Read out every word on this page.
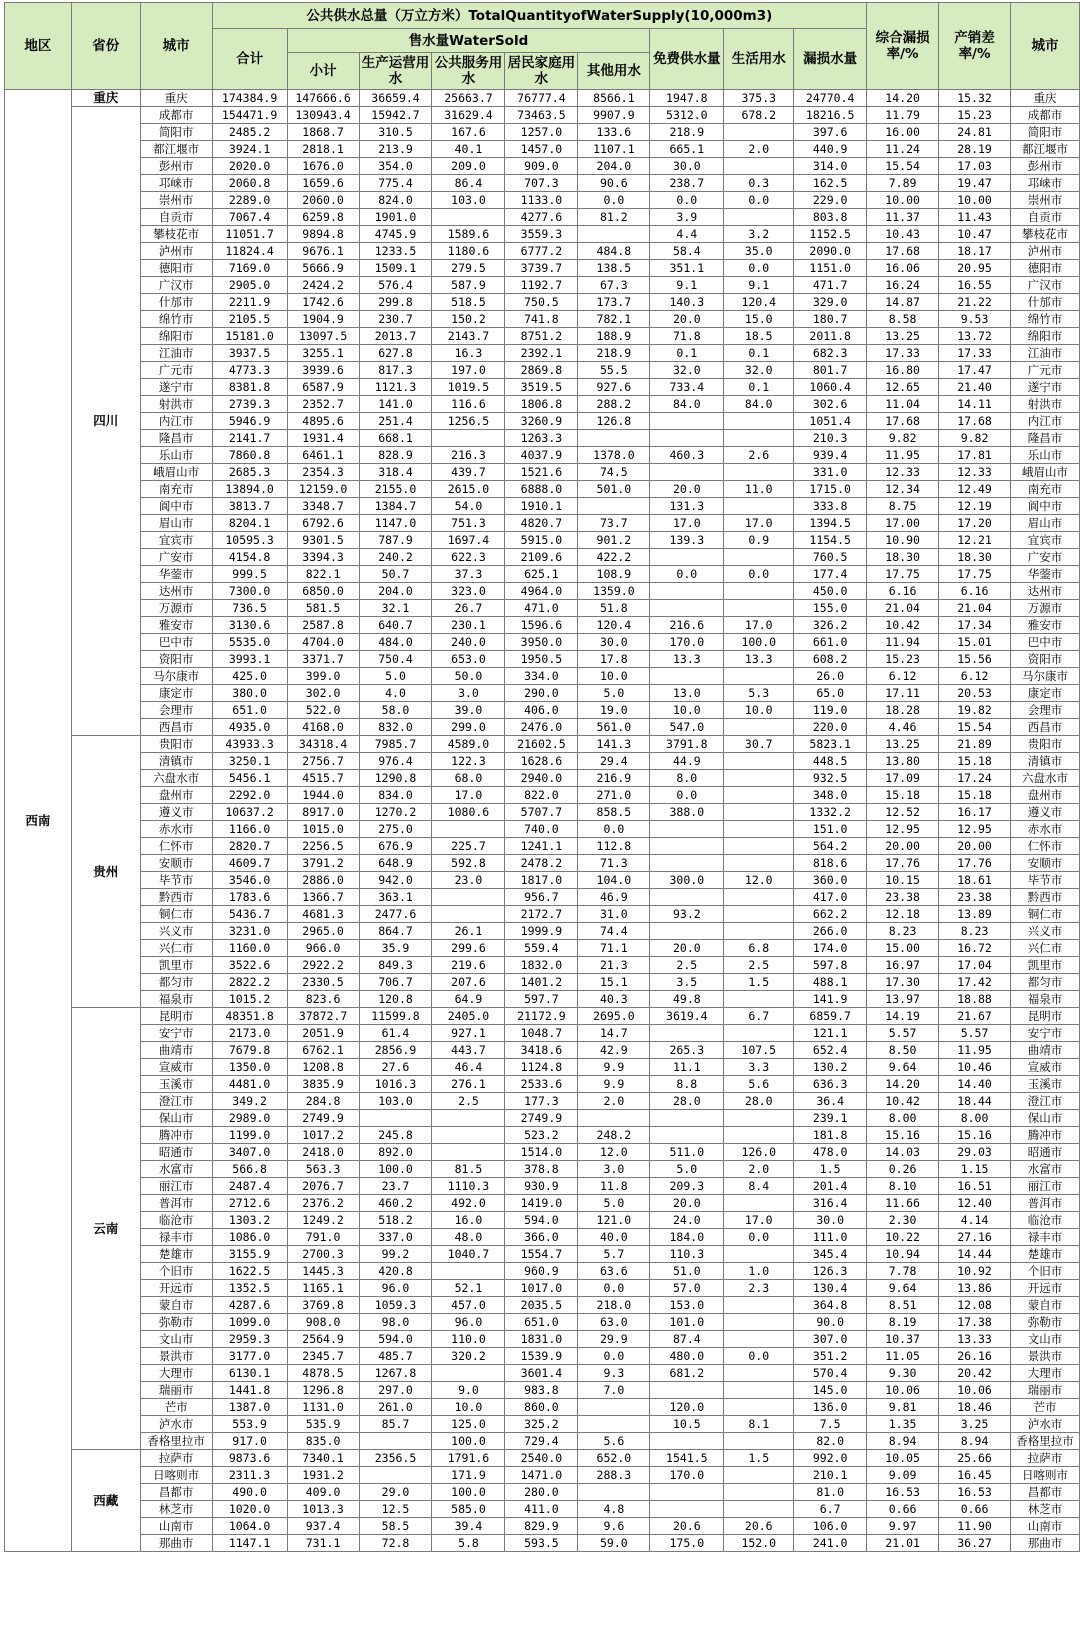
地区	省份	城市	公共供水总量（万立方米）TotalQuantityofWaterSupply(10,000m3)									综合漏损率/%	产销差率/%	城市
			合计	售水量WaterSold					免费供水量	生活用水	漏损水量			
				小计	生产运营用水	公共服务用水	居民家庭用水	其他用水						
西南	重庆	重庆	174384.9	147666.6	36659.4	25663.7	76777.4	8566.1	1947.8	375.3	24770.4	14.20	15.32	重庆
	四川	成都市	154471.9	130943.4	15942.7	31629.4	73463.5	9907.9	5312.0	678.2	18216.5	11.79	15.23	成都市
		简阳市	2485.2	1868.7	310.5	167.6	1257.0	133.6	218.9		397.6	16.00	24.81	简阳市
		都江堰市	3924.1	2818.1	213.9	40.1	1457.0	1107.1	665.1	2.0	440.9	11.24	28.19	都江堰市
		彭州市	2020.0	1676.0	354.0	209.0	909.0	204.0	30.0		314.0	15.54	17.03	彭州市
		邛崃市	2060.8	1659.6	775.4	86.4	707.3	90.6	238.7	0.3	162.5	7.89	19.47	邛崃市
		崇州市	2289.0	2060.0	824.0	103.0	1133.0	0.0	0.0	0.0	229.0	10.00	10.00	崇州市
		自贡市	7067.4	6259.8	1901.0		4277.6	81.2	3.9		803.8	11.37	11.43	自贡市
		攀枝花市	11051.7	9894.8	4745.9	1589.6	3559.3		4.4	3.2	1152.5	10.43	10.47	攀枝花市
		泸州市	11824.4	9676.1	1233.5	1180.6	6777.2	484.8	58.4	35.0	2090.0	17.68	18.17	泸州市
		德阳市	7169.0	5666.9	1509.1	279.5	3739.7	138.5	351.1	0.0	1151.0	16.06	20.95	德阳市
		广汉市	2905.0	2424.2	576.4	587.9	1192.7	67.3	9.1	9.1	471.7	16.24	16.55	广汉市
		什邡市	2211.9	1742.6	299.8	518.5	750.5	173.7	140.3	120.4	329.0	14.87	21.22	什邡市
		绵竹市	2105.5	1904.9	230.7	150.2	741.8	782.1	20.0	15.0	180.7	8.58	9.53	绵竹市
		绵阳市	15181.0	13097.5	2013.7	2143.7	8751.2	188.9	71.8	18.5	2011.8	13.25	13.72	绵阳市
		江油市	3937.5	3255.1	627.8	16.3	2392.1	218.9	0.1	0.1	682.3	17.33	17.33	江油市
		广元市	4773.3	3939.6	817.3	197.0	2869.8	55.5	32.0	32.0	801.7	16.80	17.47	广元市
		遂宁市	8381.8	6587.9	1121.3	1019.5	3519.5	927.6	733.4	0.1	1060.4	12.65	21.40	遂宁市
		射洪市	2739.3	2352.7	141.0	116.6	1806.8	288.2	84.0	84.0	302.6	11.04	14.11	射洪市
		内江市	5946.9	4895.6	251.4	1256.5	3260.9	126.8			1051.4	17.68	17.68	内江市
		隆昌市	2141.7	1931.4	668.1		1263.3				210.3	9.82	9.82	隆昌市
		乐山市	7860.8	6461.1	828.9	216.3	4037.9	1378.0	460.3	2.6	939.4	11.95	17.81	乐山市
		峨眉山市	2685.3	2354.3	318.4	439.7	1521.6	74.5			331.0	12.33	12.33	峨眉山市
		南充市	13894.0	12159.0	2155.0	2615.0	6888.0	501.0	20.0	11.0	1715.0	12.34	12.49	南充市
		阆中市	3813.7	3348.7	1384.7	54.0	1910.1		131.3		333.8	8.75	12.19	阆中市
		眉山市	8204.1	6792.6	1147.0	751.3	4820.7	73.7	17.0	17.0	1394.5	17.00	17.20	眉山市
		宜宾市	10595.3	9301.5	787.9	1697.4	5915.0	901.2	139.3	0.9	1154.5	10.90	12.21	宜宾市
		广安市	4154.8	3394.3	240.2	622.3	2109.6	422.2			760.5	18.30	18.30	广安市
		华蓥市	999.5	822.1	50.7	37.3	625.1	108.9	0.0	0.0	177.4	17.75	17.75	华蓥市
		达州市	7300.0	6850.0	204.0	323.0	4964.0	1359.0			450.0	6.16	6.16	达州市
		万源市	736.5	581.5	32.1	26.7	471.0	51.8			155.0	21.04	21.04	万源市
		雅安市	3130.6	2587.8	640.7	230.1	1596.6	120.4	216.6	17.0	326.2	10.42	17.34	雅安市
		巴中市	5535.0	4704.0	484.0	240.0	3950.0	30.0	170.0	100.0	661.0	11.94	15.01	巴中市
		资阳市	3993.1	3371.7	750.4	653.0	1950.5	17.8	13.3	13.3	608.2	15.23	15.56	资阳市
		马尔康市	425.0	399.0	5.0	50.0	334.0	10.0			26.0	6.12	6.12	马尔康市
		康定市	380.0	302.0	4.0	3.0	290.0	5.0	13.0	5.3	65.0	17.11	20.53	康定市
		会理市	651.0	522.0	58.0	39.0	406.0	19.0	10.0	10.0	119.0	18.28	19.82	会理市
		西昌市	4935.0	4168.0	832.0	299.0	2476.0	561.0	547.0		220.0	4.46	15.54	西昌市
	贵州	贵阳市	43933.3	34318.4	7985.7	4589.0	21602.5	141.3	3791.8	30.7	5823.1	13.25	21.89	贵阳市
		清镇市	3250.1	2756.7	976.4	122.3	1628.6	29.4	44.9		448.5	13.80	15.18	清镇市
		六盘水市	5456.1	4515.7	1290.8	68.0	2940.0	216.9	8.0		932.5	17.09	17.24	六盘水市
		盘州市	2292.0	1944.0	834.0	17.0	822.0	271.0	0.0		348.0	15.18	15.18	盘州市
		遵义市	10637.2	8917.0	1270.2	1080.6	5707.7	858.5	388.0		1332.2	12.52	16.17	遵义市
		赤水市	1166.0	1015.0	275.0		740.0	0.0			151.0	12.95	12.95	赤水市
		仁怀市	2820.7	2256.5	676.9	225.7	1241.1	112.8			564.2	20.00	20.00	仁怀市
		安顺市	4609.7	3791.2	648.9	592.8	2478.2	71.3			818.6	17.76	17.76	安顺市
		毕节市	3546.0	2886.0	942.0	23.0	1817.0	104.0	300.0	12.0	360.0	10.15	18.61	毕节市
		黔西市	1783.6	1366.7	363.1		956.7	46.9			417.0	23.38	23.38	黔西市
		铜仁市	5436.7	4681.3	2477.6		2172.7	31.0	93.2		662.2	12.18	13.89	铜仁市
		兴义市	3231.0	2965.0	864.7	26.1	1999.9	74.4			266.0	8.23	8.23	兴义市
		兴仁市	1160.0	966.0	35.9	299.6	559.4	71.1	20.0	6.8	174.0	15.00	16.72	兴仁市
		凯里市	3522.6	2922.2	849.3	219.6	1832.0	21.3	2.5	2.5	597.8	16.97	17.04	凯里市
		都匀市	2822.2	2330.5	706.7	207.6	1401.2	15.1	3.5	1.5	488.1	17.30	17.42	都匀市
		福泉市	1015.2	823.6	120.8	64.9	597.7	40.3	49.8		141.9	13.97	18.88	福泉市
	云南	昆明市	48351.8	37872.7	11599.8	2405.0	21172.9	2695.0	3619.4	6.7	6859.7	14.19	21.67	昆明市
		安宁市	2173.0	2051.9	61.4	927.1	1048.7	14.7			121.1	5.57	5.57	安宁市
		曲靖市	7679.8	6762.1	2856.9	443.7	3418.6	42.9	265.3	107.5	652.4	8.50	11.95	曲靖市
		宣威市	1350.0	1208.8	27.6	46.4	1124.8	9.9	11.1	3.3	130.2	9.64	10.46	宣威市
		玉溪市	4481.0	3835.9	1016.3	276.1	2533.6	9.9	8.8	5.6	636.3	14.20	14.40	玉溪市
		澄江市	349.2	284.8	103.0	2.5	177.3	2.0	28.0	28.0	36.4	10.42	18.44	澄江市
		保山市	2989.0	2749.9			2749.9				239.1	8.00	8.00	保山市
		腾冲市	1199.0	1017.2	245.8		523.2	248.2			181.8	15.16	15.16	腾冲市
		昭通市	3407.0	2418.0	892.0		1514.0	12.0	511.0	126.0	478.0	14.03	29.03	昭通市
		水富市	566.8	563.3	100.0	81.5	378.8	3.0	5.0	2.0	1.5	0.26	1.15	水富市
		丽江市	2487.4	2076.7	23.7	1110.3	930.9	11.8	209.3	8.4	201.4	8.10	16.51	丽江市
		普洱市	2712.6	2376.2	460.2	492.0	1419.0	5.0	20.0		316.4	11.66	12.40	普洱市
		临沧市	1303.2	1249.2	518.2	16.0	594.0	121.0	24.0	17.0	30.0	2.30	4.14	临沧市
		禄丰市	1086.0	791.0	337.0	48.0	366.0	40.0	184.0	0.0	111.0	10.22	27.16	禄丰市
		楚雄市	3155.9	2700.3	99.2	1040.7	1554.7	5.7	110.3		345.4	10.94	14.44	楚雄市
		个旧市	1622.5	1445.3	420.8		960.9	63.6	51.0	1.0	126.3	7.78	10.92	个旧市
		开远市	1352.5	1165.1	96.0	52.1	1017.0	0.0	57.0	2.3	130.4	9.64	13.86	开远市
		蒙自市	4287.6	3769.8	1059.3	457.0	2035.5	218.0	153.0		364.8	8.51	12.08	蒙自市
		弥勒市	1099.0	908.0	98.0	96.0	651.0	63.0	101.0		90.0	8.19	17.38	弥勒市
		文山市	2959.3	2564.9	594.0	110.0	1831.0	29.9	87.4		307.0	10.37	13.33	文山市
		景洪市	3177.0	2345.7	485.7	320.2	1539.9	0.0	480.0	0.0	351.2	11.05	26.16	景洪市
		大理市	6130.1	4878.5	1267.8		3601.4	9.3	681.2		570.4	9.30	20.42	大理市
		瑞丽市	1441.8	1296.8	297.0	9.0	983.8	7.0			145.0	10.06	10.06	瑞丽市
		芒市	1387.0	1131.0	261.0	10.0	860.0		120.0		136.0	9.81	18.46	芒市
		泸水市	553.9	535.9	85.7	125.0	325.2		10.5	8.1	7.5	1.35	3.25	泸水市
		香格里拉市	917.0	835.0		100.0	729.4	5.6			82.0	8.94	8.94	香格里拉市
	西藏	拉萨市	9873.6	7340.1	2356.5	1791.6	2540.0	652.0	1541.5	1.5	992.0	10.05	25.66	拉萨市
		日喀则市	2311.3	1931.2		171.9	1471.0	288.3	170.0		210.1	9.09	16.45	日喀则市
		昌都市	490.0	409.0	29.0	100.0	280.0				81.0	16.53	16.53	昌都市
		林芝市	1020.0	1013.3	12.5	585.0	411.0	4.8			6.7	0.66	0.66	林芝市
		山南市	1064.0	937.4	58.5	39.4	829.9	9.6	20.6	20.6	106.0	9.97	11.90	山南市
		那曲市	1147.1	731.1	72.8	5.8	593.5	59.0	175.0	152.0	241.0	21.01	36.27	那曲市
